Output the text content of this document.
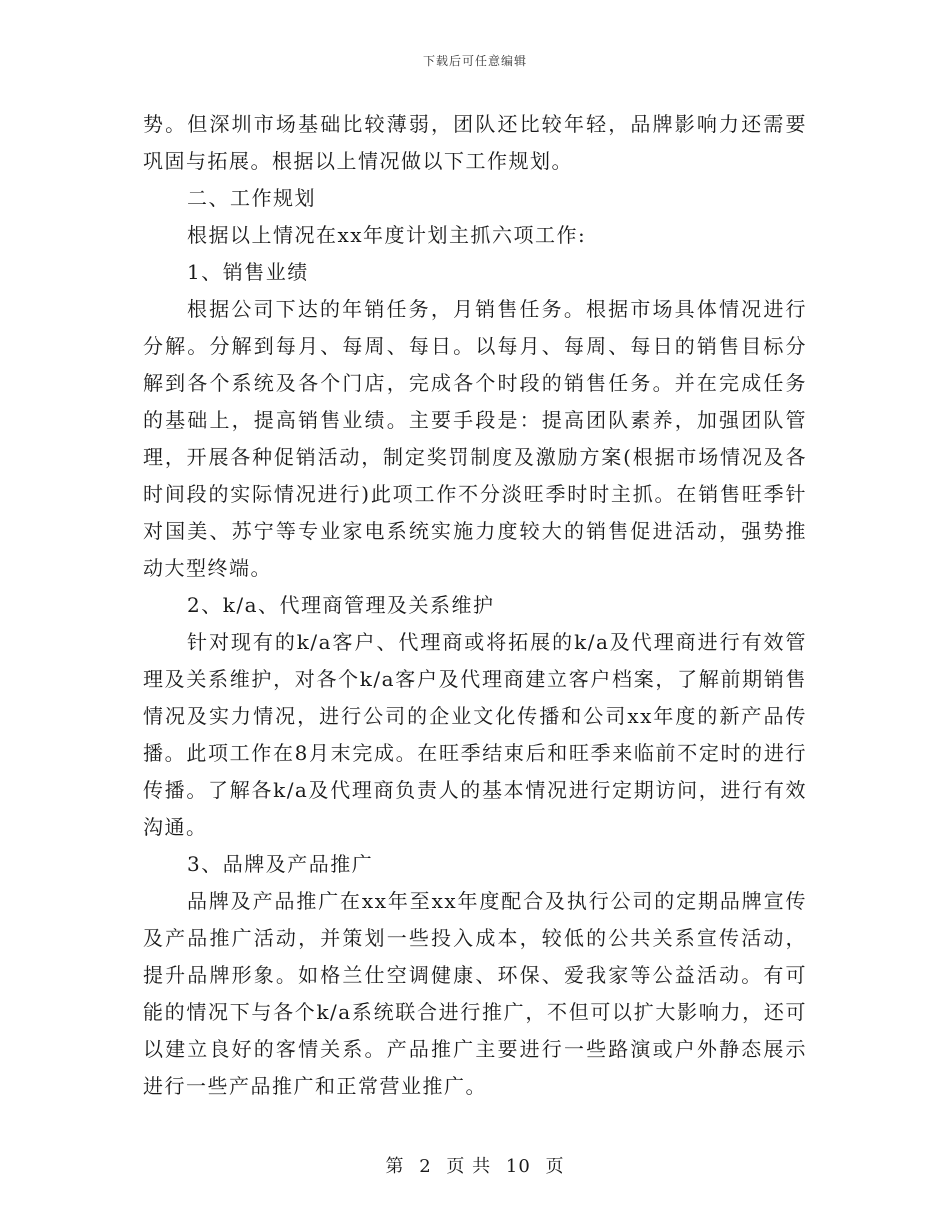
下载后可任意编辑

势。但深圳市场基础比较薄弱，团队还比较年轻，品牌影响力还需要巩固与拓展。根据以上情况做以下工作规划。

二、工作规划

根据以上情况在xx年度计划主抓六项工作:

1、销售业绩

根据公司下达的年销任务，月销售任务。根据市场具体情况进行分解。分解到每月、每周、每日。以每月、每周、每日的销售目标分解到各个系统及各个门店，完成各个时段的销售任务。并在完成任务的基础上，提高销售业绩。主要手段是：提高团队素养，加强团队管理，开展各种促销活动，制定奖罚制度及激励方案(根据市场情况及各时间段的实际情况进行)此项工作不分淡旺季时时主抓。在销售旺季针对国美、苏宁等专业家电系统实施力度较大的销售促进活动，强势推动大型终端。

2、k/a、代理商管理及关系维护

针对现有的k/a客户、代理商或将拓展的k/a及代理商进行有效管理及关系维护，对各个k/a客户及代理商建立客户档案，了解前期销售情况及实力情况，进行公司的企业文化传播和公司xx年度的新产品传播。此项工作在8月末完成。在旺季结束后和旺季来临前不定时的进行传播。了解各k/a及代理商负责人的基本情况进行定期访问，进行有效沟通。

3、品牌及产品推广

品牌及产品推广在xx年至xx年度配合及执行公司的定期品牌宣传及产品推广活动，并策划一些投入成本，较低的公共关系宣传活动，提升品牌形象。如格兰仕空调健康、环保、爱我家等公益活动。有可能的情况下与各个k/a系统联合进行推广，不但可以扩大影响力，还可以建立良好的客情关系。产品推广主要进行一些路演或户外静态展示进行一些产品推广和正常营业推广。

第 2 页 共 10 页
